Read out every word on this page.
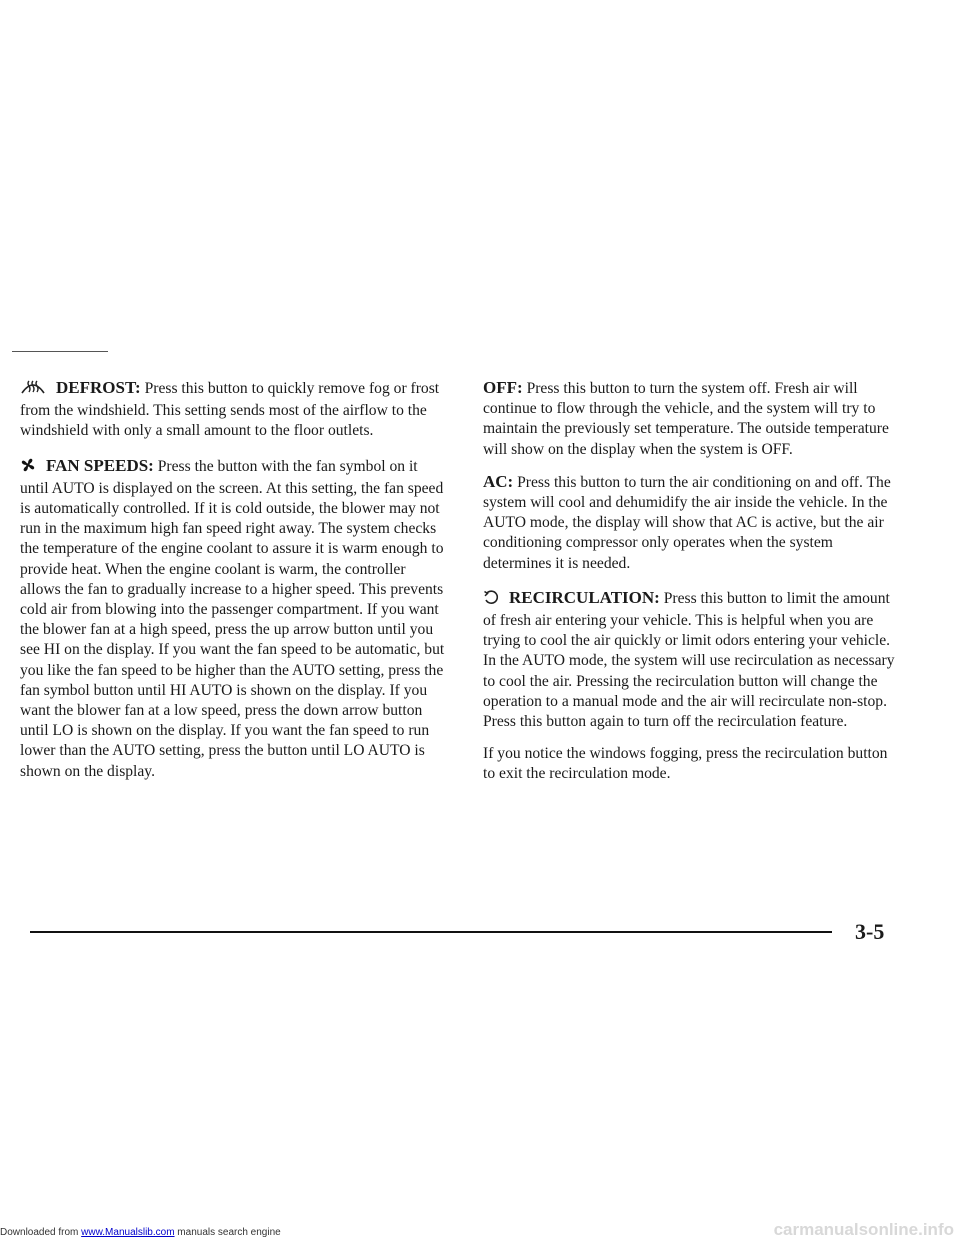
DEFROST: Press this button to quickly remove fog or frost from the windshield. This setting sends most of the airflow to the windshield with only a small amount to the floor outlets.

FAN SPEEDS: Press the button with the fan symbol on it until AUTO is displayed on the screen. At this setting, the fan speed is automatically controlled. If it is cold outside, the blower may not run in the maximum high fan speed right away. The system checks the temperature of the engine coolant to assure it is warm enough to provide heat. When the engine coolant is warm, the controller allows the fan to gradually increase to a higher speed. This prevents cold air from blowing into the passenger compartment. If you want the blower fan at a high speed, press the up arrow button until you see HI on the display. If you want the fan speed to be automatic, but you like the fan speed to be higher than the AUTO setting, press the fan symbol button until HI AUTO is shown on the display. If you want the blower fan at a low speed, press the down arrow button until LO is shown on the display. If you want the fan speed to run lower than the AUTO setting, press the button until LO AUTO is shown on the display.

OFF: Press this button to turn the system off. Fresh air will continue to flow through the vehicle, and the system will try to maintain the previously set temperature. The outside temperature will show on the display when the system is OFF.

AC: Press this button to turn the air conditioning on and off. The system will cool and dehumidify the air inside the vehicle. In the AUTO mode, the display will show that AC is active, but the air conditioning compressor only operates when the system determines it is needed.

RECIRCULATION: Press this button to limit the amount of fresh air entering your vehicle. This is helpful when you are trying to cool the air quickly or limit odors entering your vehicle. In the AUTO mode, the system will use recirculation as necessary to cool the air. Pressing the recirculation button will change the operation to a manual mode and the air will recirculate non-stop. Press this button again to turn off the recirculation feature.

If you notice the windows fogging, press the recirculation button to exit the recirculation mode.

3-5
Downloaded from www.Manualslib.com manuals search engine	carmanualsonline.info
